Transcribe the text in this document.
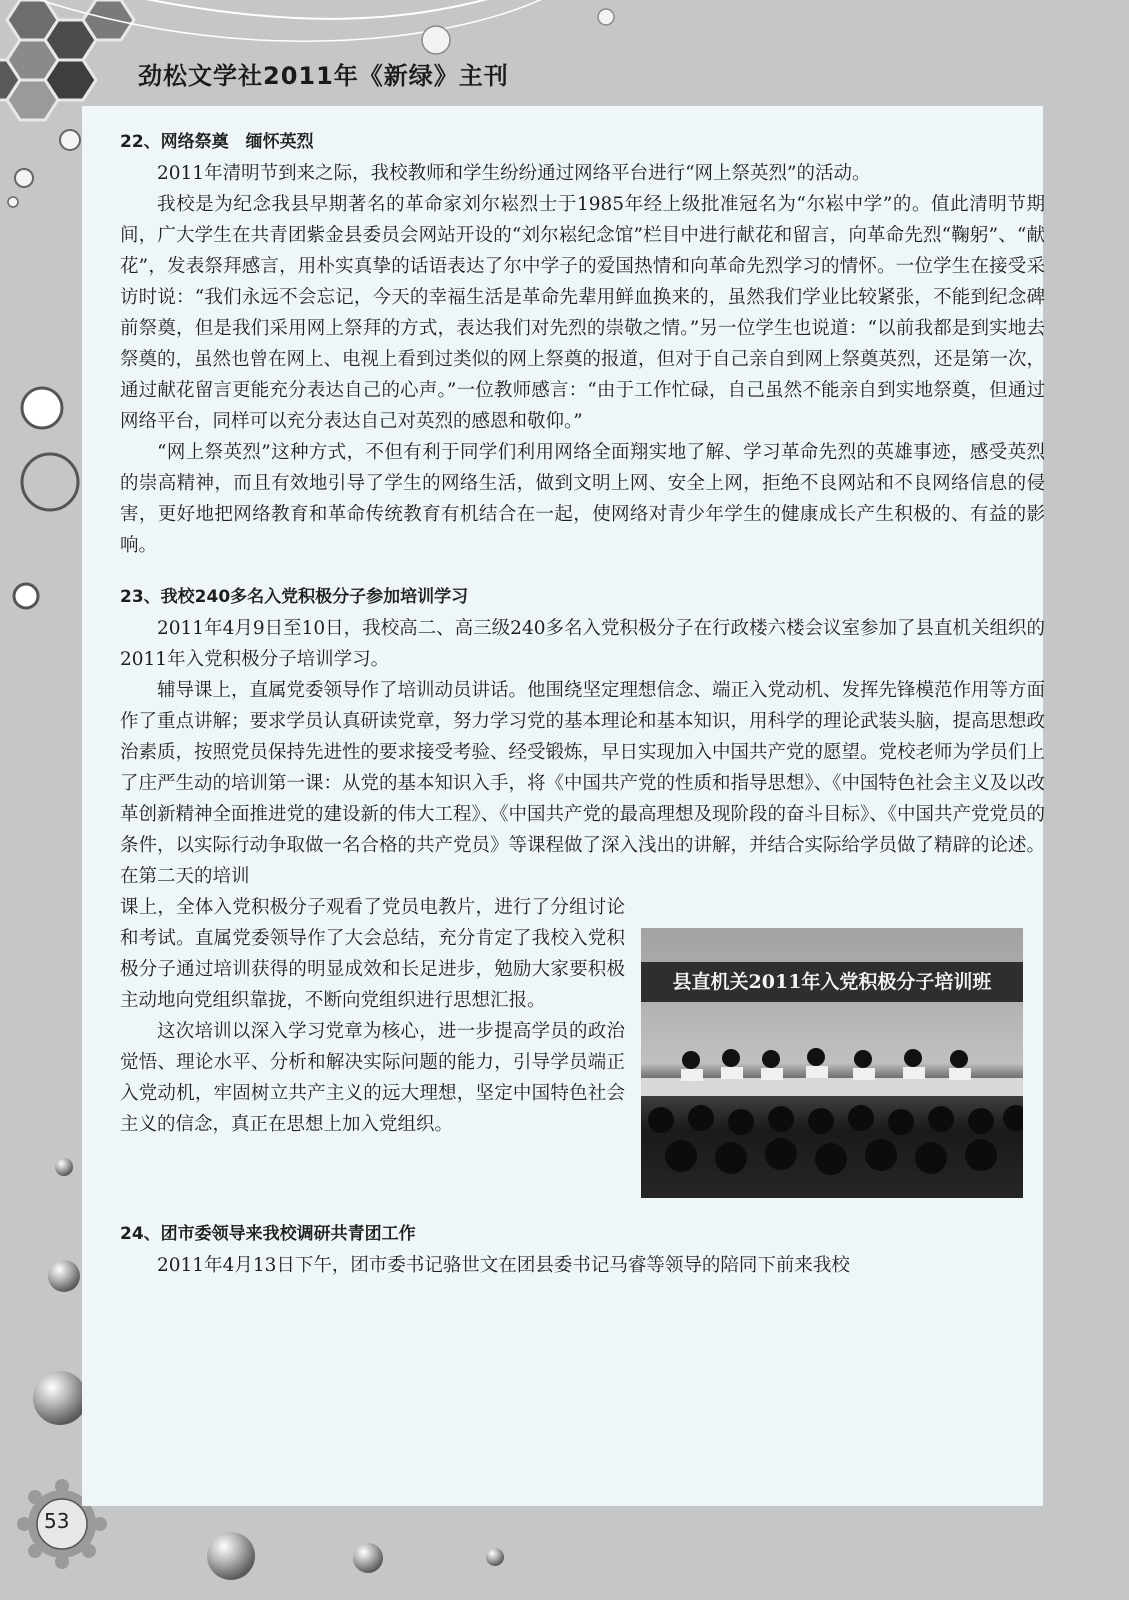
劲松文学社2011年《新绿》主刊
22、网络祭奠　缅怀英烈

2011年清明节到来之际，我校教师和学生纷纷通过网络平台进行“网上祭英烈”的活动。

我校是为纪念我县早期著名的革命家刘尔崧烈士于1985年经上级批准冠名为“尔崧中学”的。值此清明节期间，广大学生在共青团紫金县委员会网站开设的“刘尔崧纪念馆”栏目中进行献花和留言，向革命先烈“鞠躬”、“献花”，发表祭拜感言，用朴实真挚的话语表达了尔中学子的爱国热情和向革命先烈学习的情怀。一位学生在接受采访时说：“我们永远不会忘记，今天的幸福生活是革命先辈用鲜血换来的，虽然我们学业比较紧张，不能到纪念碑前祭奠，但是我们采用网上祭拜的方式，表达我们对先烈的崇敬之情。”另一位学生也说道：“以前我都是到实地去祭奠的，虽然也曾在网上、电视上看到过类似的网上祭奠的报道，但对于自己亲自到网上祭奠英烈，还是第一次，通过献花留言更能充分表达自己的心声。”一位教师感言：“由于工作忙碌，自己虽然不能亲自到实地祭奠，但通过网络平台，同样可以充分表达自己对英烈的感恩和敬仰。”

“网上祭英烈”这种方式，不但有利于同学们利用网络全面翔实地了解、学习革命先烈的英雄事迹，感受英烈的崇高精神，而且有效地引导了学生的网络生活，做到文明上网、安全上网，拒绝不良网站和不良网络信息的侵害，更好地把网络教育和革命传统教育有机结合在一起，使网络对青少年学生的健康成长产生积极的、有益的影响。

23、我校240多名入党积极分子参加培训学习

2011年4月9日至10日，我校高二、高三级240多名入党积极分子在行政楼六楼会议室参加了县直机关组织的2011年入党积极分子培训学习。

辅导课上，直属党委领导作了培训动员讲话。他围绕坚定理想信念、端正入党动机、发挥先锋模范作用等方面作了重点讲解；要求学员认真研读党章，努力学习党的基本理论和基本知识，用科学的理论武装头脑，提高思想政治素质，按照党员保持先进性的要求接受考验、经受锻炼，早日实现加入中国共产党的愿望。党校老师为学员们上了庄严生动的培训第一课：从党的基本知识入手，将《中国共产党的性质和指导思想》、《中国特色社会主义及以改革创新精神全面推进党的建设新的伟大工程》、《中国共产党的最高理想及现阶段的奋斗目标》、《中国共产党党员的条件，以实际行动争取做一名合格的共产党员》等课程做了深入浅出的讲解，并结合实际给学员做了精辟的论述。在第二天的培训

课上，全体入党积极分子观看了党员电教片，进行了分组讨论和考试。直属党委领导作了大会总结，充分肯定了我校入党积极分子通过培训获得的明显成效和长足进步，勉励大家要积极主动地向党组织靠拢，不断向党组织进行思想汇报。

这次培训以深入学习党章为核心，进一步提高学员的政治觉悟、理论水平、分析和解决实际问题的能力，引导学员端正入党动机，牢固树立共产主义的远大理想，坚定中国特色社会主义的信念，真正在思想上加入党组织。

县直机关2011年入党积极分子培训班
24、团市委领导来我校调研共青团工作

2011年4月13日下午，团市委书记骆世文在团县委书记马睿等领导的陪同下前来我校

53
